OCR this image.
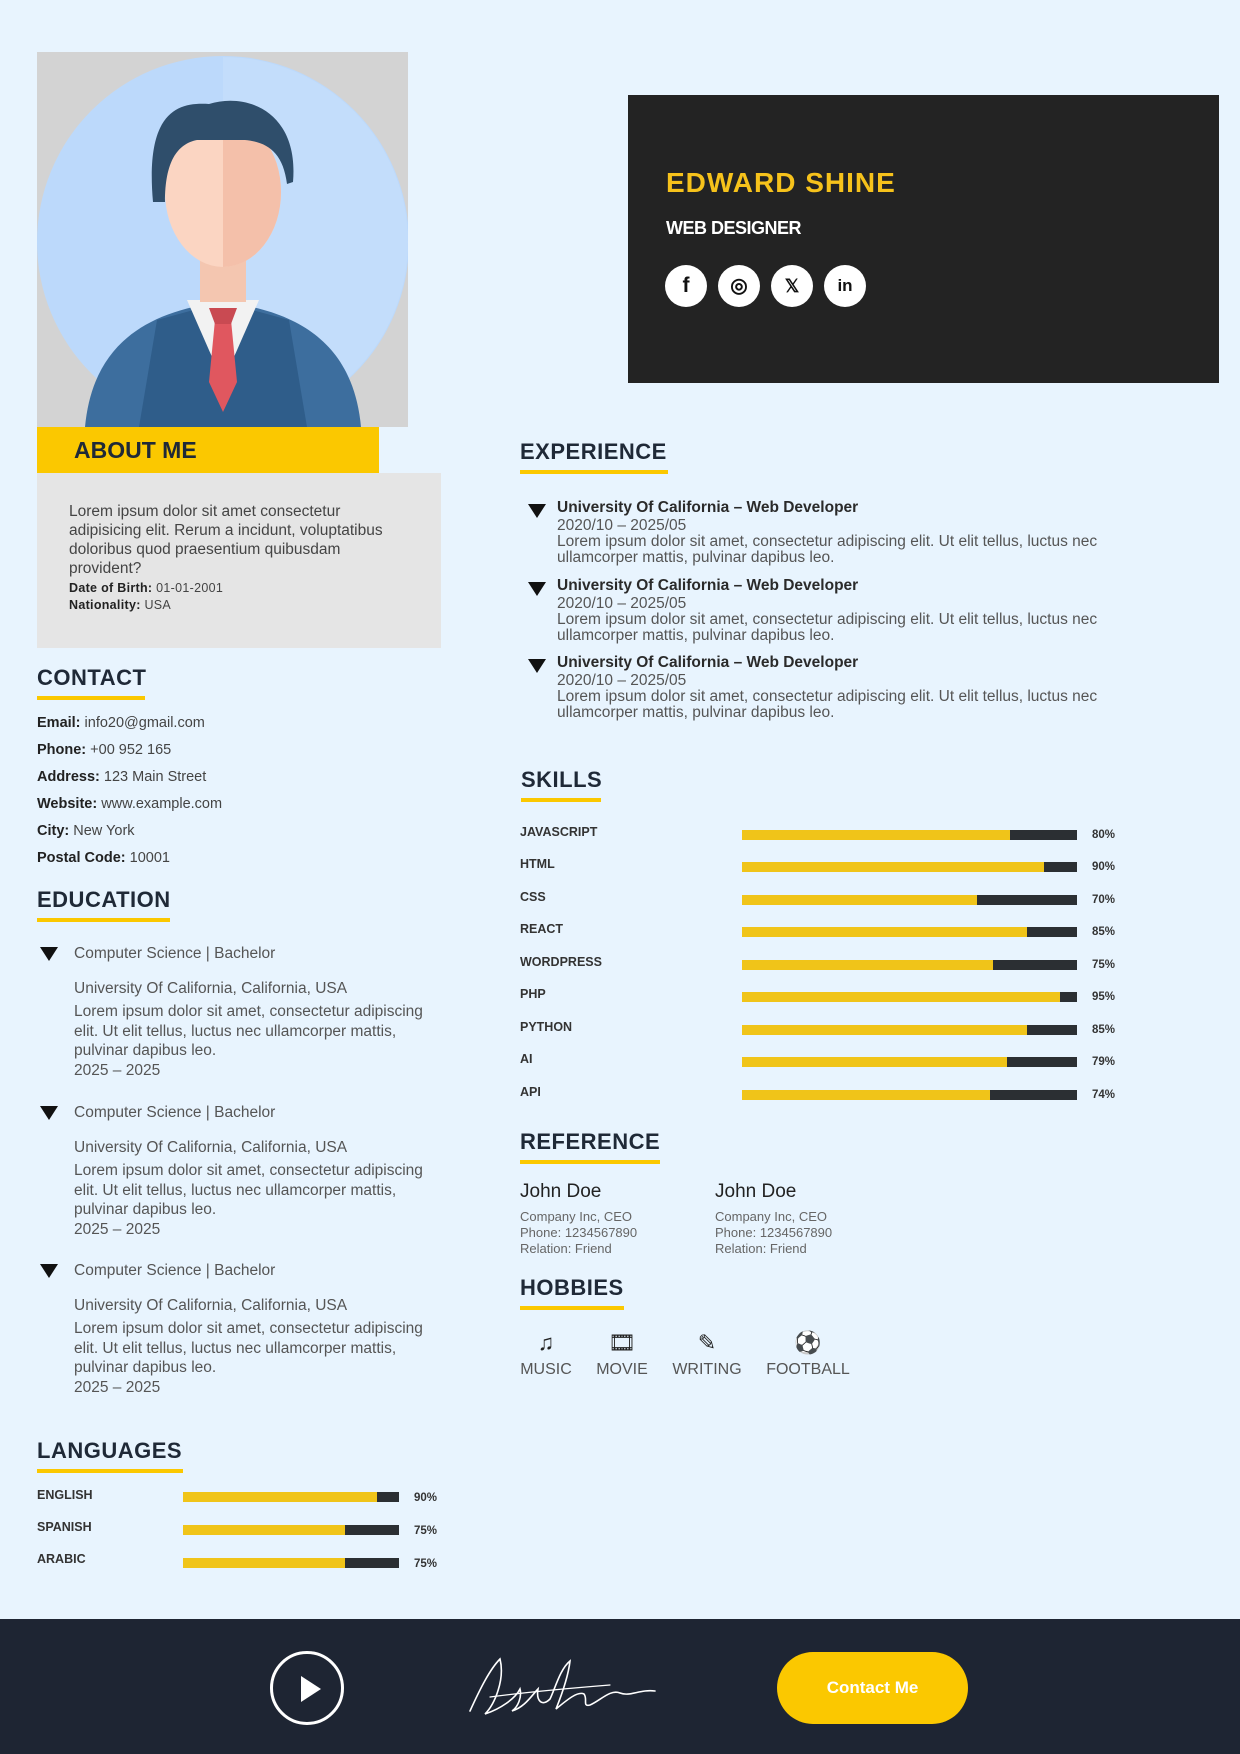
ABOUT ME

Lorem ipsum dolor sit amet consectetur adipisicing elit. Rerum a incidunt, voluptatibus doloribus quod praesentium quibusdam provident?

Date of Birth: 01-01-2001
Nationality: USA
CONTACT
Email: info20@gmail.com
Phone: +00 952 165
Address: 123 Main Street
Website: www.example.com
City: New York
Postal Code: 10001
EDUCATION
Computer Science | Bachelor
University Of California, California, USA
Lorem ipsum dolor sit amet, consectetur adipiscing elit. Ut elit tellus, luctus nec ullamcorper mattis, pulvinar dapibus leo.
2025 – 2025
Computer Science | Bachelor
University Of California, California, USA
Lorem ipsum dolor sit amet, consectetur adipiscing elit. Ut elit tellus, luctus nec ullamcorper mattis, pulvinar dapibus leo.
2025 – 2025
Computer Science | Bachelor
University Of California, California, USA
Lorem ipsum dolor sit amet, consectetur adipiscing elit. Ut elit tellus, luctus nec ullamcorper mattis, pulvinar dapibus leo.
2025 – 2025
LANGUAGES
ENGLISH	90%
SPANISH	75%
ARABIC	75%
EDWARD SHINE
WEB DESIGNER
f	◎	𝕏	in
EXPERIENCE
University Of California – Web Developer
2020/10 – 2025/05
Lorem ipsum dolor sit amet, consectetur adipiscing elit. Ut elit tellus, luctus nec ullamcorper mattis, pulvinar dapibus leo.
University Of California – Web Developer
2020/10 – 2025/05
Lorem ipsum dolor sit amet, consectetur adipiscing elit. Ut elit tellus, luctus nec ullamcorper mattis, pulvinar dapibus leo.
University Of California – Web Developer
2020/10 – 2025/05
Lorem ipsum dolor sit amet, consectetur adipiscing elit. Ut elit tellus, luctus nec ullamcorper mattis, pulvinar dapibus leo.
SKILLS
JAVASCRIPT	80%
HTML	90%
CSS	70%
REACT	85%
WORDPRESS	75%
PHP	95%
PYTHON	85%
AI	79%
API	74%
REFERENCE
John Doe
Company Inc, CEO
Phone: 1234567890
Relation: Friend
John Doe
Company Inc, CEO
Phone: 1234567890
Relation: Friend
HOBBIES
♫
MUSIC
🎞
MOVIE
✎
WRITING
⚽
FOOTBALL
Contact Me
